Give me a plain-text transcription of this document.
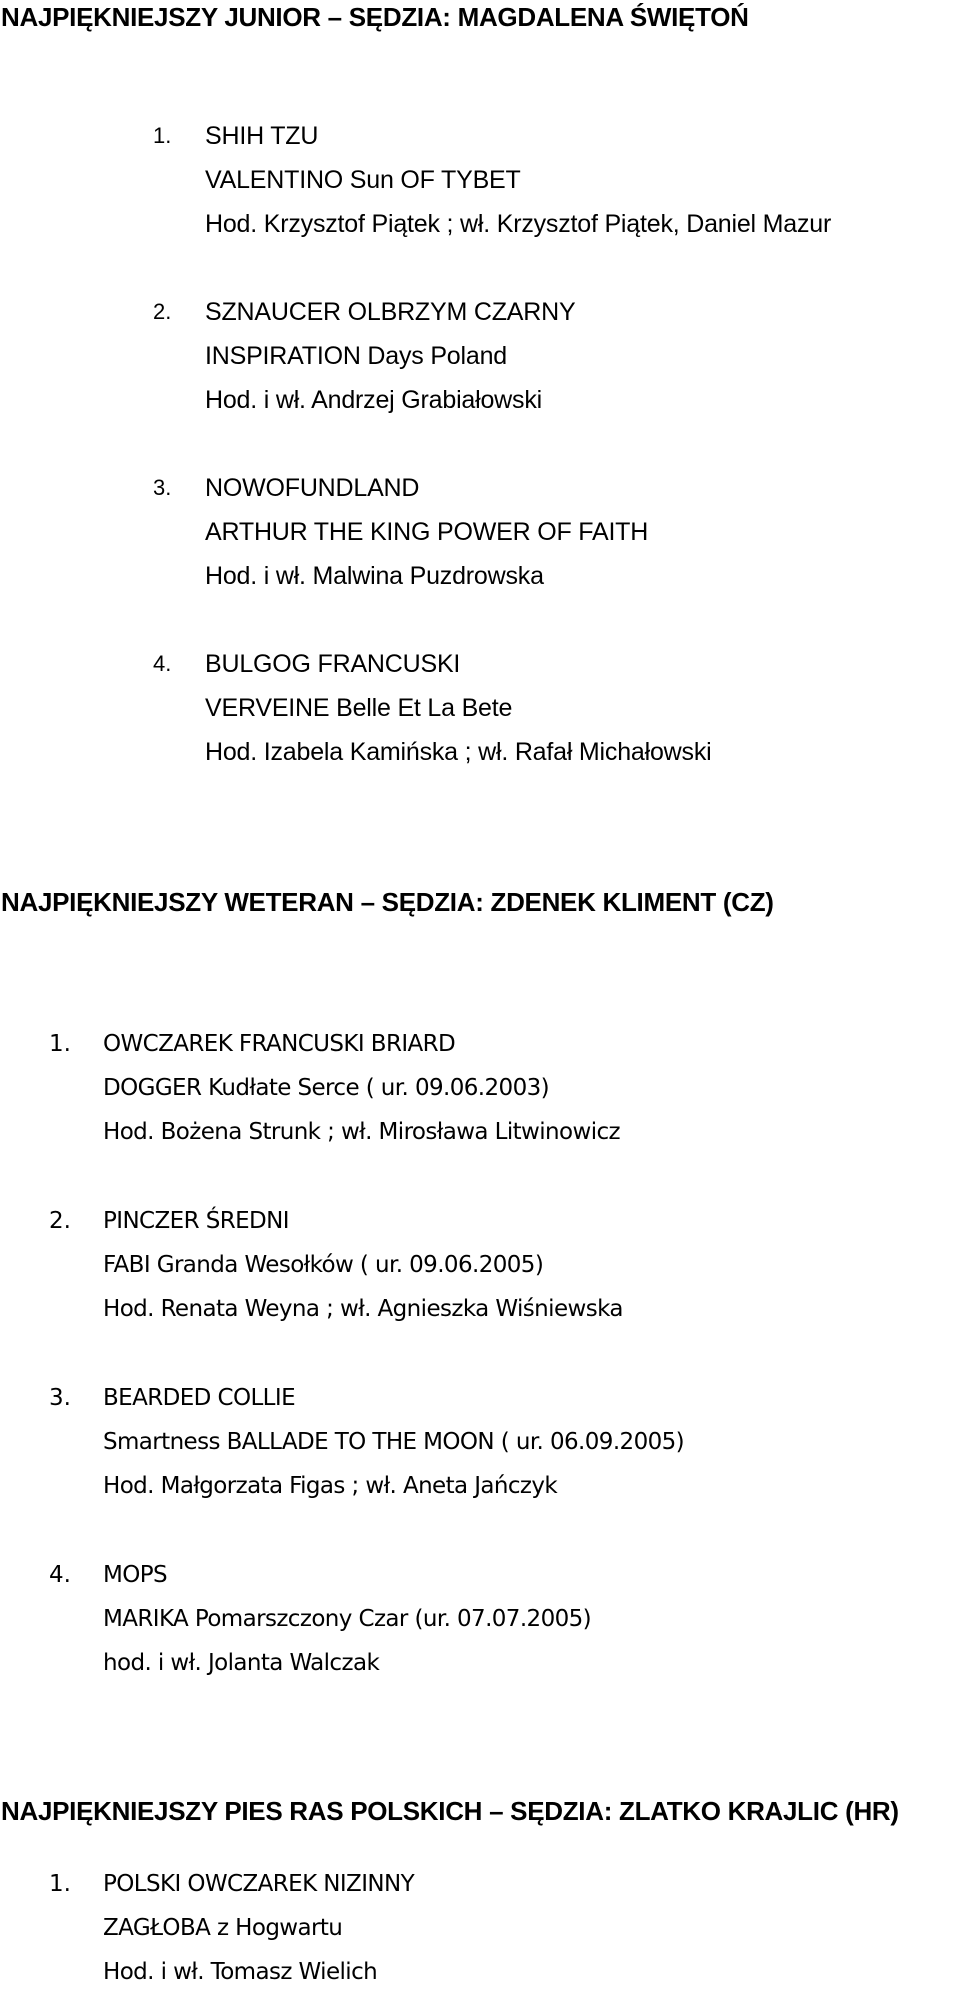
NAJPIĘKNIEJSZY JUNIOR – SĘDZIA: MAGDALENA ŚWIĘTOŃ
1. SHIH TZU
VALENTINO Sun OF TYBET
Hod. Krzysztof Piątek ; wł. Krzysztof Piątek, Daniel Mazur
2. SZNAUCER OLBRZYM CZARNY
INSPIRATION Days Poland
Hod. i wł. Andrzej Grabiałowski
3. NOWOFUNDLAND
ARTHUR THE KING POWER OF FAITH
Hod. i wł. Malwina Puzdrowska
4. BULGOG FRANCUSKI
VERVEINE Belle Et La Bete
Hod. Izabela Kamińska ; wł. Rafał Michałowski
NAJPIĘKNIEJSZY WETERAN – SĘDZIA: ZDENEK KLIMENT (CZ)
1. OWCZAREK FRANCUSKI BRIARD
DOGGER Kudłate Serce ( ur. 09.06.2003)
Hod. Bożena Strunk ; wł. Mirosława Litwinowicz
2. PINCZER ŚREDNI
FABI Granda Wesołków ( ur. 09.06.2005)
Hod. Renata Weyna ; wł. Agnieszka Wiśniewska
3. BEARDED COLLIE
Smartness BALLADE TO THE MOON ( ur. 06.09.2005)
Hod. Małgorzata Figas ; wł. Aneta Jańczyk
4. MOPS
MARIKA Pomarszczony Czar (ur. 07.07.2005)
hod. i wł. Jolanta Walczak
NAJPIĘKNIEJSZY PIES RAS POLSKICH – SĘDZIA: ZLATKO KRAJLIC (HR)
1. POLSKI OWCZAREK NIZINNY
ZAGŁOBA z Hogwartu
Hod. i wł. Tomasz Wielich
